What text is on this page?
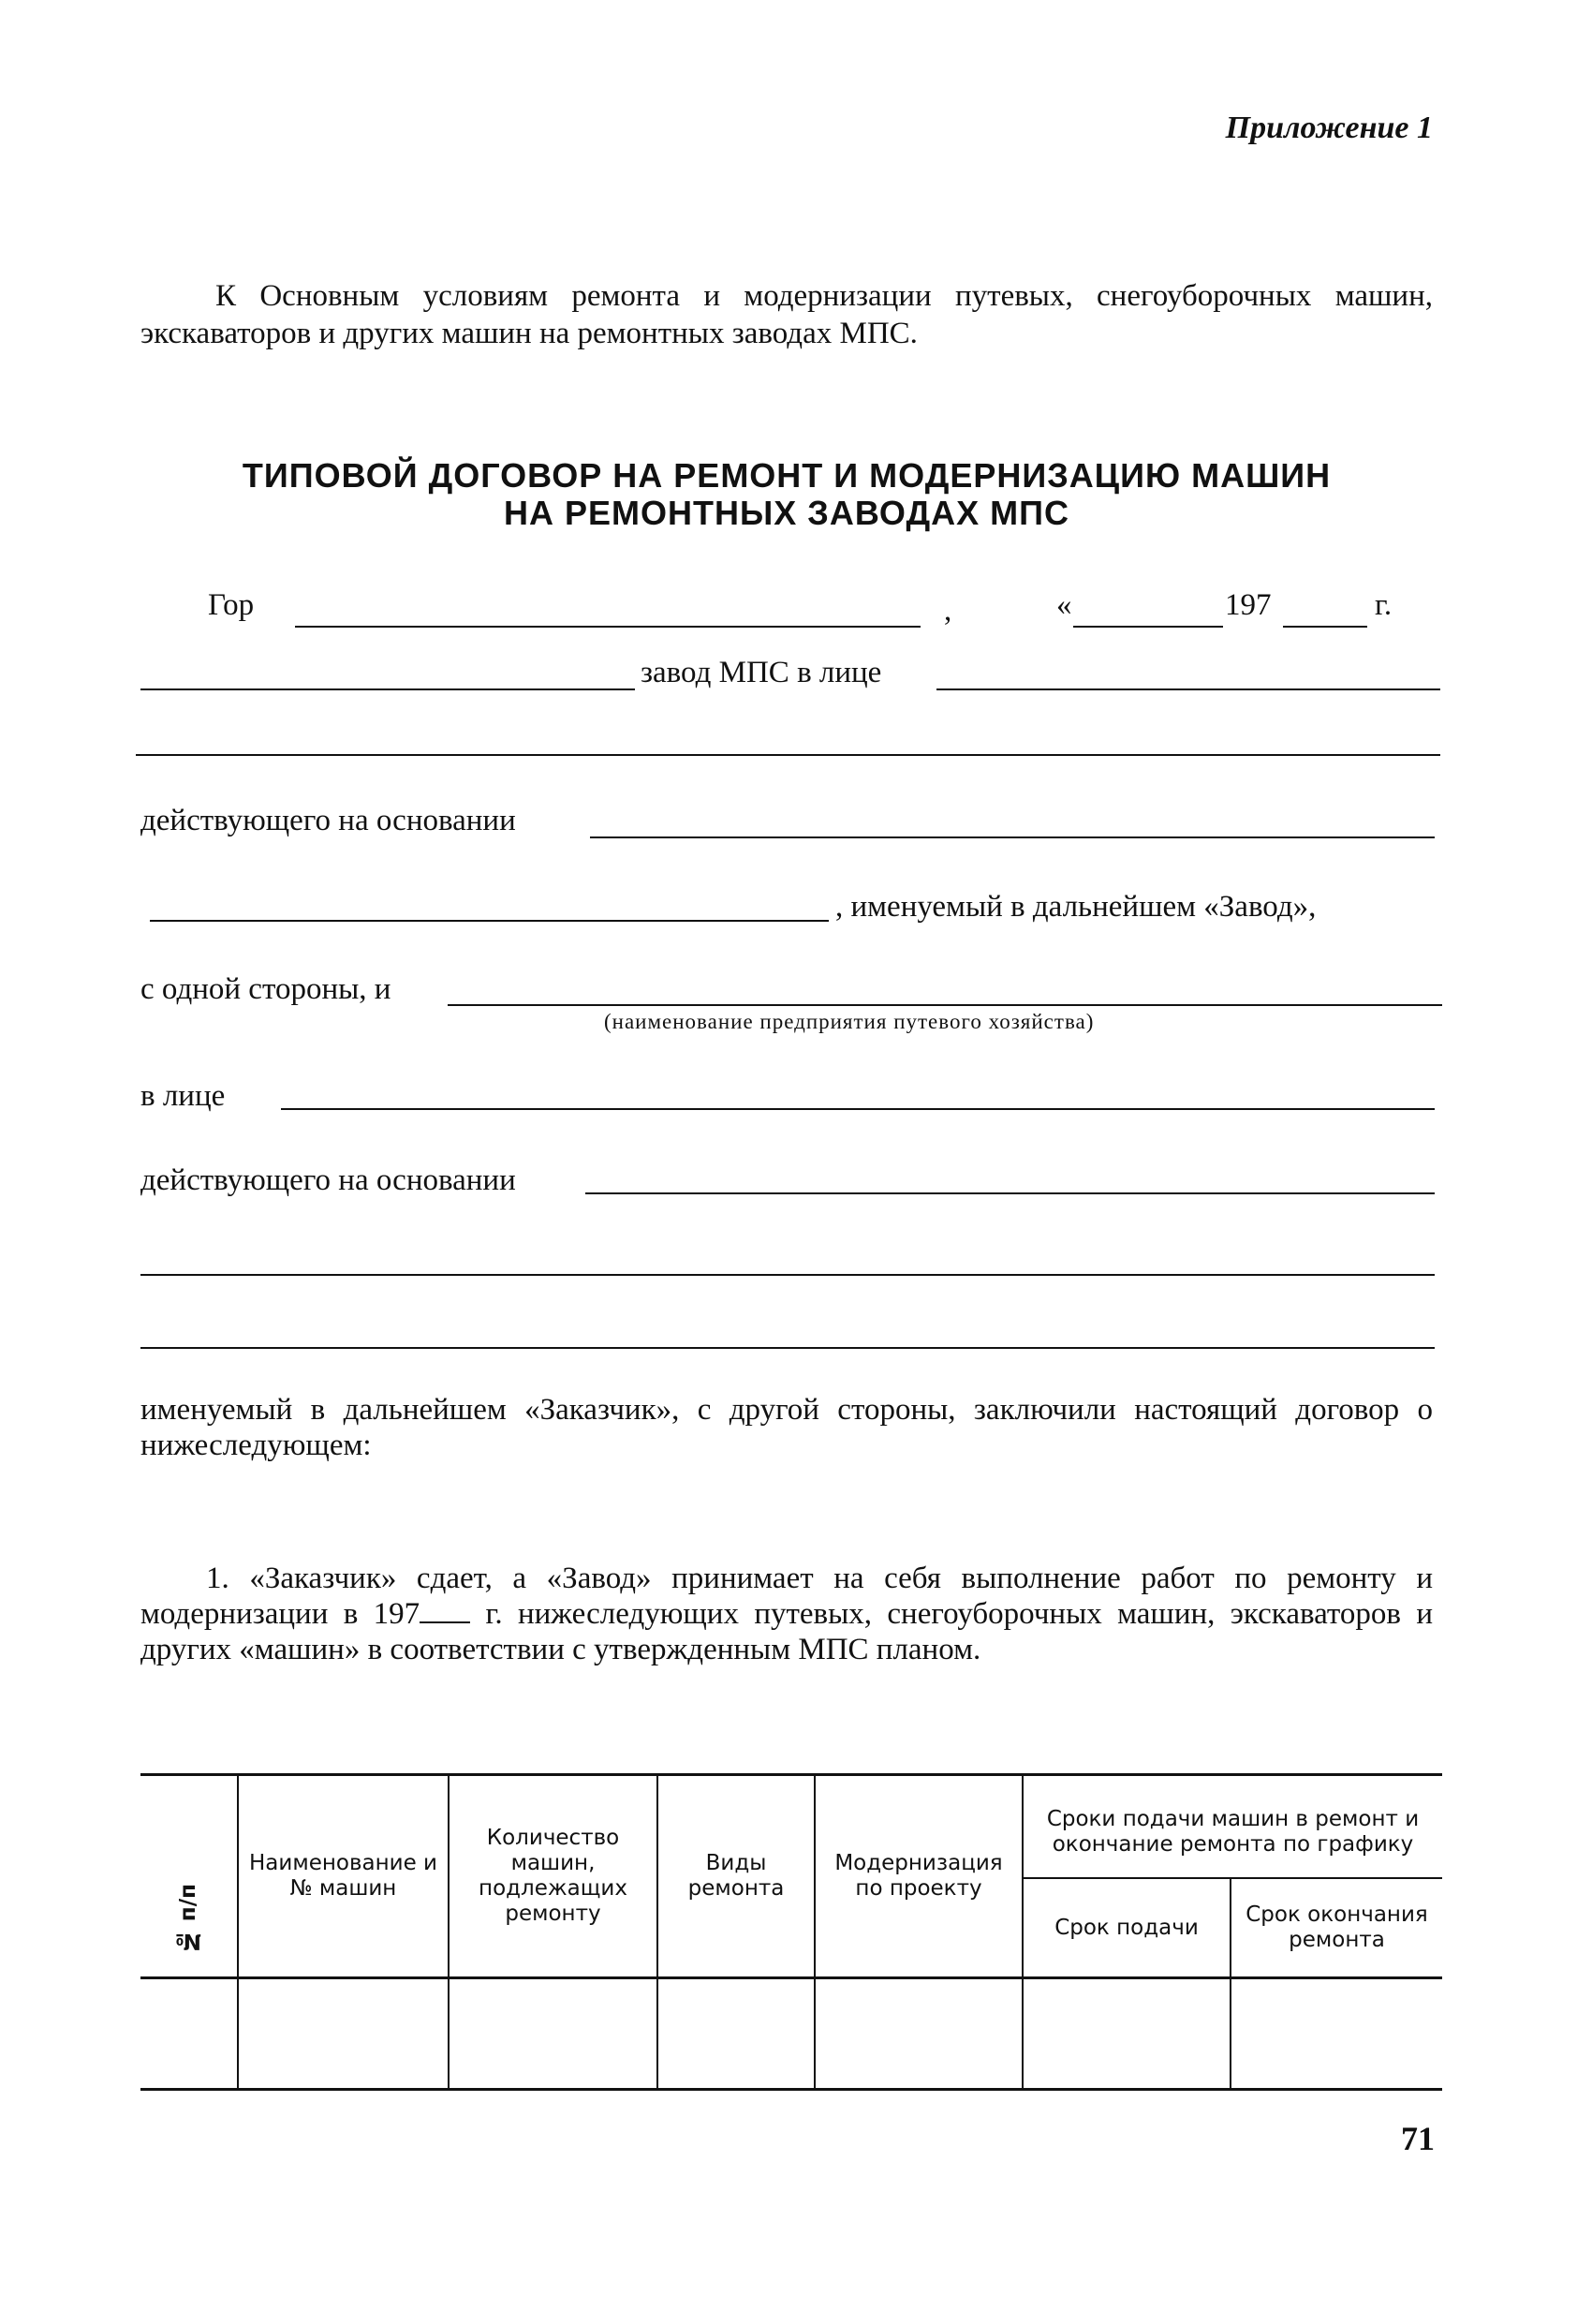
Приложение 1
К Основным условиям ремонта и модернизации путевых, снегоуборочных машин, экскаваторов и других машин на ремонтных заводах МПС.
ТИПОВОЙ ДОГОВОР НА РЕМОНТ И МОДЕРНИЗАЦИЮ МАШИН
НА РЕМОНТНЫХ ЗАВОДАХ МПС
Гор	,	«	197	г.
завод МПС в лице
действующего на основании
, именуемый в дальнейшем «Завод»,
с одной стороны, и
(наименование предприятия путевого хозяйства)
в лице
действующего на основании
именуемый в дальнейшем «Заказчик», с другой стороны, заключили настоящий договор о нижеследующем:
1. «Заказчик» сдает, а «Завод» принимает на себя выполнение работ по ремонту и модернизации в 197 г. нижеследующих путевых, снегоуборочных машин, экскаваторов и других «машин» в соответствии с утвержденным МПС планом.
№ п/п	Наименование и № машин	Количество машин, подлежащих ремонту	Виды ремонта	Модернизация по проекту	Сроки подачи машин в ремонт и окончание ремонта по графику	
					Срок подачи	Срок окончания ремонта

71
